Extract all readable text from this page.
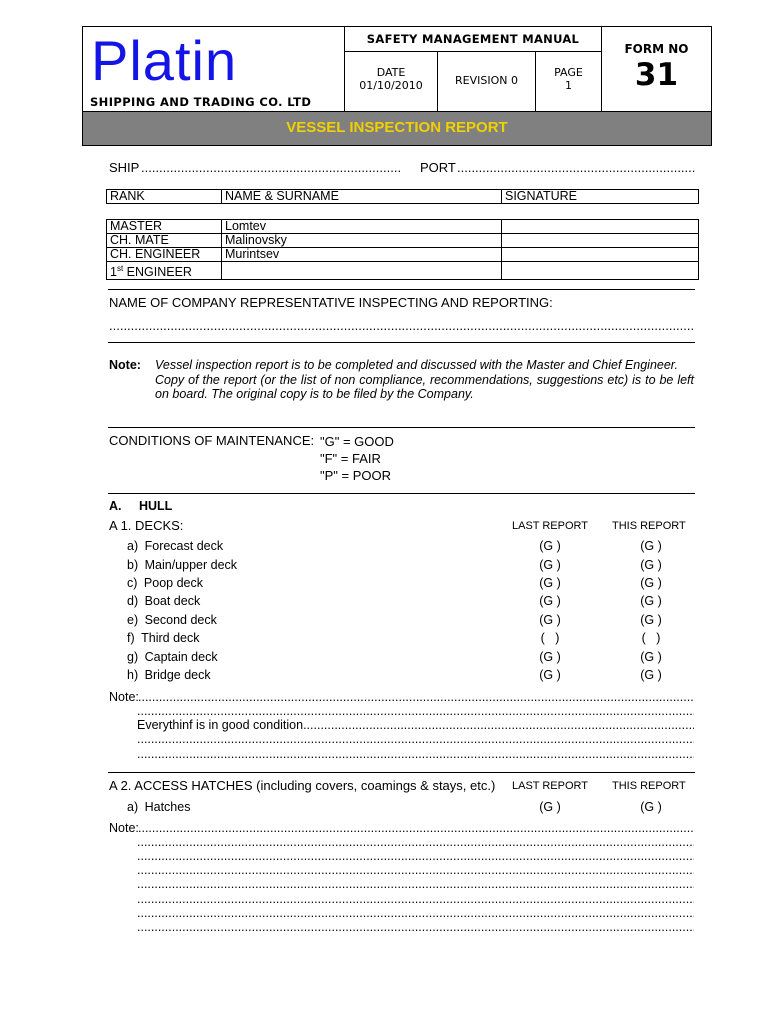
Platin
SHIPPING AND TRADING CO. LTD
SAFETY MANAGEMENT MANUAL
DATE
01/10/2010	REVISION 0
PAGE
1
FORM NO
31
VESSEL INSPECTION REPORT
SHIP .....	PORT
.....
RANK	NAME & SURNAME	SIGNATURE
MASTER	Lomtev	
CH. MATE	Malinovsky	
CH. ENGINEER	Murintsev	
1st ENGINEER		
NAME OF COMPANY REPRESENTATIVE INSPECTING AND REPORTING:
.....
Note: Vessel inspection report is to be completed and discussed with the Master and Chief Engineer.
Copy of the report (or the list of non compliance, recommendations, suggestions etc) is to be left on board. The original copy is to be filed by the Company.
CONDITIONS OF MAINTENANCE: "G" = GOOD
"F" = FAIR
"P" = POOR
A. HULL
A 1. DECKS:	LAST REPORT THIS REPORT
a) Forecast deck	(G )	(G )
b) Main/upper deck	(G )	(G )
c) Poop deck	(G )	(G )
d) Boat deck	(G )	(G )
e) Second deck	(G )	(G )
f) Third deck	(   )	(   )
g) Captain deck	(G )	(G )
h) Bridge deck	(G )	(G )
Note:
.....
.....
Everythinf is in good condition .....
.....
.....
A 2. ACCESS HATCHES (including covers, coamings & stays, etc.) LAST REPORT THIS REPORT
a) Hatches	(G )	(G )
Note:
.....
.....
.....
.....
.....
.....
.....
.....
